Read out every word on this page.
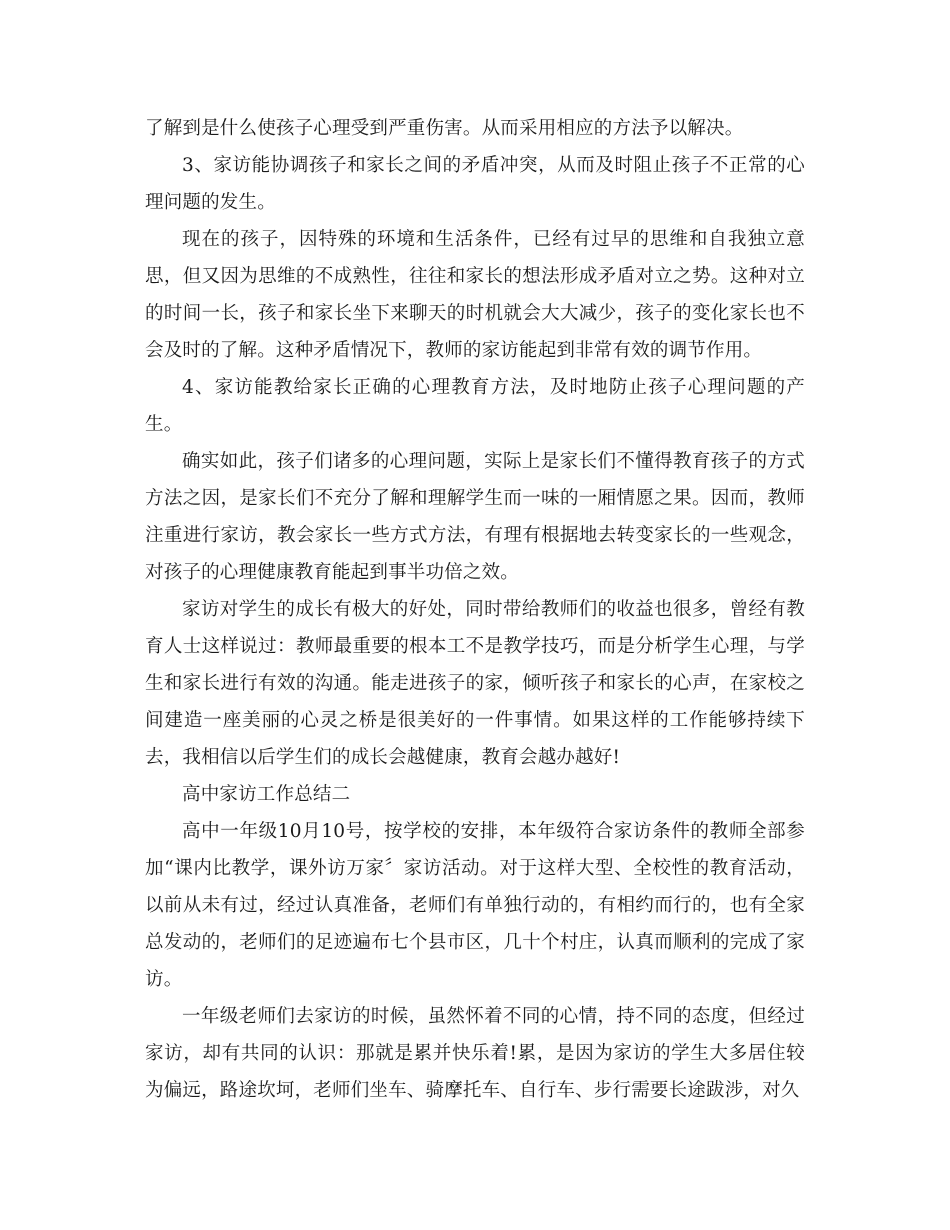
了解到是什么使孩子心理受到严重伤害。从而采用相应的方法予以解决。

3、家访能协调孩子和家长之间的矛盾冲突，从而及时阻止孩子不正常的心理问题的发生。

现在的孩子，因特殊的环境和生活条件，已经有过早的思维和自我独立意思，但又因为思维的不成熟性，往往和家长的想法形成矛盾对立之势。这种对立的时间一长，孩子和家长坐下来聊天的时机就会大大减少，孩子的变化家长也不会及时的了解。这种矛盾情况下，教师的家访能起到非常有效的调节作用。

4、家访能教给家长正确的心理教育方法，及时地防止孩子心理问题的产生。

确实如此，孩子们诸多的心理问题，实际上是家长们不懂得教育孩子的方式方法之因，是家长们不充分了解和理解学生而一味的一厢情愿之果。因而，教师注重进行家访，教会家长一些方式方法，有理有根据地去转变家长的一些观念，对孩子的心理健康教育能起到事半功倍之效。

家访对学生的成长有极大的好处，同时带给教师们的收益也很多，曾经有教育人士这样说过：教师最重要的根本工不是教学技巧，而是分析学生心理，与学生和家长进行有效的沟通。能走进孩子的家，倾听孩子和家长的心声，在家校之间建造一座美丽的心灵之桥是很美好的一件事情。如果这样的工作能够持续下去，我相信以后学生们的成长会越健康，教育会越办越好!

高中家访工作总结二

高中一年级10月10号，按学校的安排，本年级符合家访条件的教师全部参加“课内比教学，课外访万家〞家访活动。对于这样大型、全校性的教育活动，以前从未有过，经过认真准备，老师们有单独行动的，有相约而行的，也有全家总发动的，老师们的足迹遍布七个县市区，几十个村庄，认真而顺利的完成了家访。

一年级老师们去家访的时候，虽然怀着不同的心情，持不同的态度，但经过家访，却有共同的认识：那就是累并快乐着!累，是因为家访的学生大多居住较为偏远，路途坎坷，老师们坐车、骑摩托车、自行车、步行需要长途跋涉，对久
